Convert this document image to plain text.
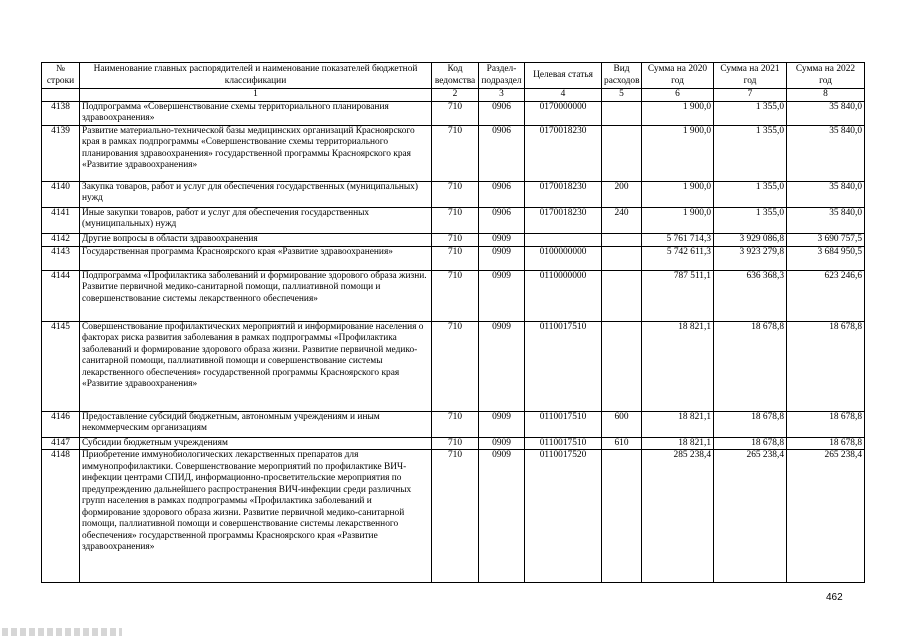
№ строки	Наименование главных распорядителей и наименование показателей бюджетной классификации	Код ведомства	Раздел-подраздел	Целевая статья	Вид расходов	Сумма на 2020 год	Сумма на 2021 год	Сумма на 2022 год
	1	2	3	4	5	6	7	8
4138	Подпрограмма «Совершенствование схемы территориального планирования здравоохранения»	710	0906	0170000000		1 900,0	1 355,0	35 840,0
4139	Развитие материально-технической базы медицинских организаций Красноярского края в рамках подпрограммы «Совершенствование схемы территориального планирования здравоохранения» государственной программы Красноярского края «Развитие здравоохранения»	710	0906	0170018230		1 900,0	1 355,0	35 840,0
4140	Закупка товаров, работ и услуг для обеспечения государственных (муниципальных) нужд	710	0906	0170018230	200	1 900,0	1 355,0	35 840,0
4141	Иные закупки товаров, работ и услуг для обеспечения государственных (муниципальных) нужд	710	0906	0170018230	240	1 900,0	1 355,0	35 840,0
4142	Другие вопросы в области здравоохранения	710	0909			5 761 714,3	3 929 086,8	3 690 757,5
4143	Государственная программа Красноярского края «Развитие здравоохранения»	710	0909	0100000000		5 742 611,3	3 923 279,8	3 684 950,5
4144	Подпрограмма «Профилактика заболеваний и формирование здорового образа жизни. Развитие первичной медико-санитарной помощи, паллиативной помощи и совершенствование системы лекарственного обеспечения»	710	0909	0110000000		787 511,1	636 368,3	623 246,6
4145	Совершенствование профилактических мероприятий и информирование населения о факторах риска развития заболевания в рамках подпрограммы «Профилактика заболеваний и формирование здорового образа жизни. Развитие первичной медико-санитарной помощи, паллиативной помощи и совершенствование системы лекарственного обеспечения» государственной программы Красноярского края «Развитие здравоохранения»	710	0909	0110017510		18 821,1	18 678,8	18 678,8
4146	Предоставление субсидий бюджетным, автономным учреждениям и иным некоммерческим организациям	710	0909	0110017510	600	18 821,1	18 678,8	18 678,8
4147	Субсидии бюджетным учреждениям	710	0909	0110017510	610	18 821,1	18 678,8	18 678,8
4148	Приобретение иммунобиологических лекарственных препаратов для иммунопрофилактики. Совершенствование мероприятий по профилактике ВИЧ-инфекции центрами СПИД, информационно-просветительские мероприятия по предупреждению дальнейшего распространения ВИЧ-инфекции среди различных групп населения в рамках подпрограммы «Профилактика заболеваний и формирование здорового образа жизни. Развитие первичной медико-санитарной помощи, паллиативной помощи и совершенствование системы лекарственного обеспечения» государственной программы Красноярского края «Развитие здравоохранения»	710	0909	0110017520		285 238,4	265 238,4	265 238,4
462
